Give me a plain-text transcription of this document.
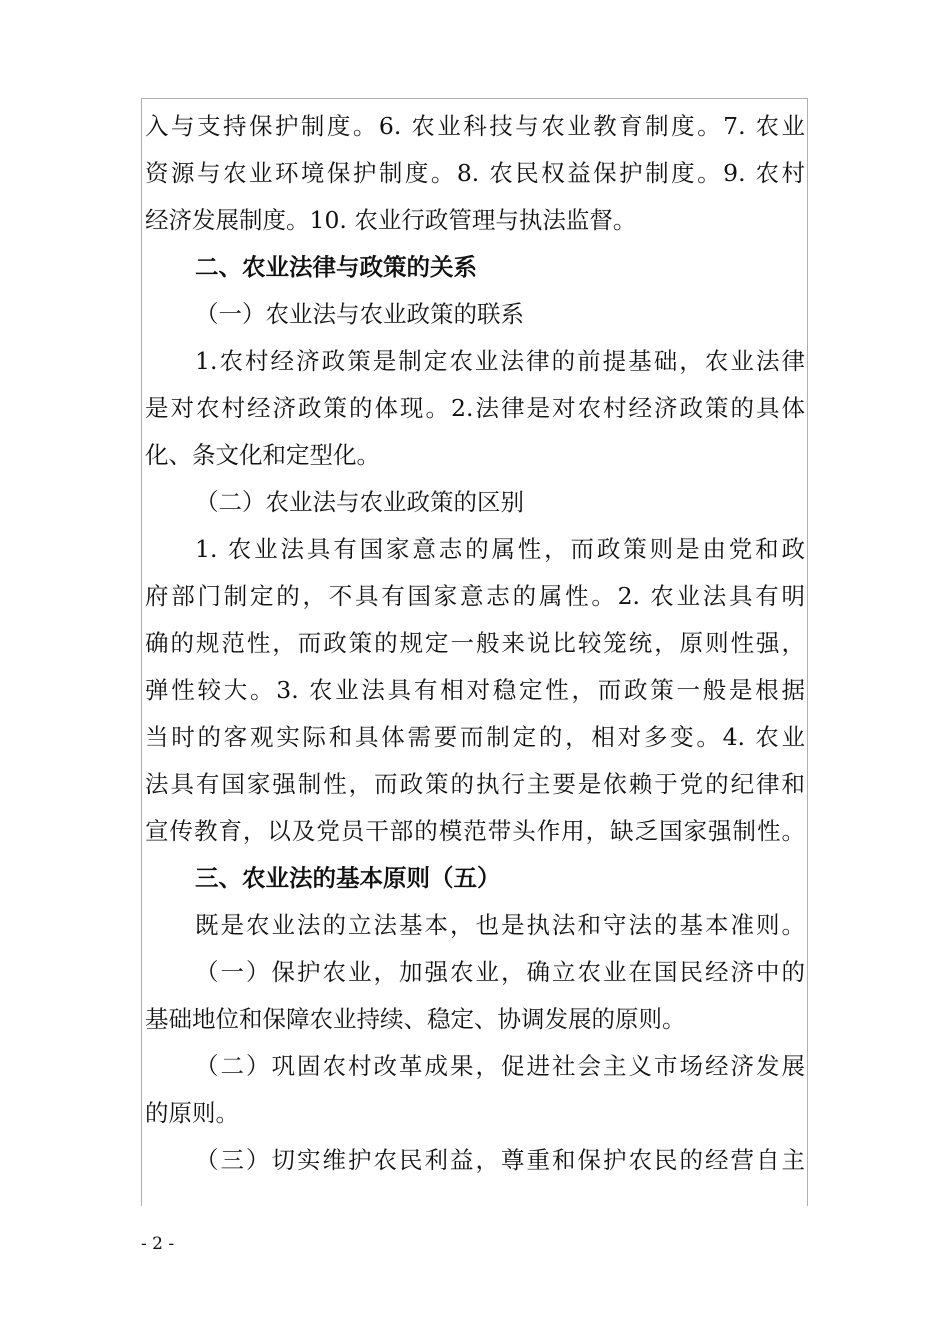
入与支持保护制度。6. 农业科技与农业教育制度。7. 农业
资源与农业环境保护制度。8. 农民权益保护制度。9. 农村
经济发展制度。10. 农业行政管理与执法监督。
二、农业法律与政策的关系
（一）农业法与农业政策的联系
1.农村经济政策是制定农业法律的前提基础，农业法律
是对农村经济政策的体现。2.法律是对农村经济政策的具体
化、条文化和定型化。
（二）农业法与农业政策的区别
1. 农业法具有国家意志的属性，而政策则是由党和政
府部门制定的，不具有国家意志的属性。2. 农业法具有明
确的规范性，而政策的规定一般来说比较笼统，原则性强，
弹性较大。3. 农业法具有相对稳定性，而政策一般是根据
当时的客观实际和具体需要而制定的，相对多变。4. 农业
法具有国家强制性，而政策的执行主要是依赖于党的纪律和
宣传教育，以及党员干部的模范带头作用，缺乏国家强制性。
三、农业法的基本原则（五）
既是农业法的立法基本，也是执法和守法的基本准则。
（一）保护农业，加强农业，确立农业在国民经济中的
基础地位和保障农业持续、稳定、协调发展的原则。
（二）巩固农村改革成果，促进社会主义市场经济发展
的原则。
（三）切实维护农民利益，尊重和保护农民的经营自主
- 2 -
